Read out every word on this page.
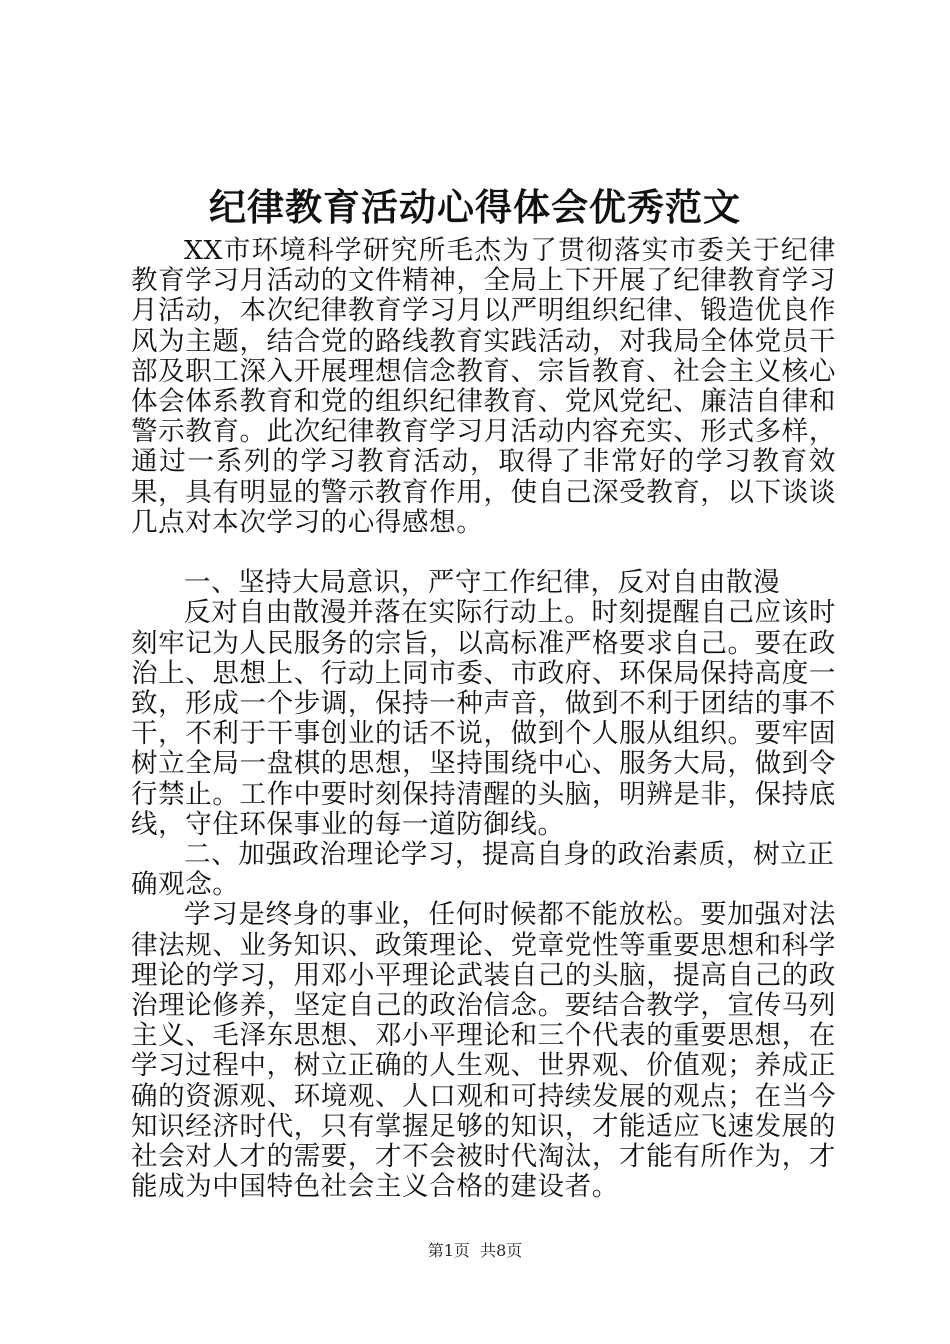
纪律教育活动心得体会优秀范文

XX市环境科学研究所毛杰为了贯彻落实市委关于纪律教育学习月活动的文件精神，全局上下开展了纪律教育学习月活动，本次纪律教育学习月以严明组织纪律、锻造优良作风为主题，结合党的路线教育实践活动，对我局全体党员干部及职工深入开展理想信念教育、宗旨教育、社会主义核心体会体系教育和党的组织纪律教育、党风党纪、廉洁自律和警示教育。此次纪律教育学习月活动内容充实、形式多样，通过一系列的学习教育活动，取得了非常好的学习教育效果，具有明显的警示教育作用，使自己深受教育，以下谈谈几点对本次学习的心得感想。

一、坚持大局意识，严守工作纪律，反对自由散漫

反对自由散漫并落在实际行动上。时刻提醒自己应该时刻牢记为人民服务的宗旨，以高标准严格要求自己。要在政治上、思想上、行动上同市委、市政府、环保局保持高度一致，形成一个步调，保持一种声音，做到不利于团结的事不干，不利于干事创业的话不说，做到个人服从组织。要牢固树立全局一盘棋的思想，坚持围绕中心、服务大局，做到令行禁止。工作中要时刻保持清醒的头脑，明辨是非，保持底线，守住环保事业的每一道防御线。

二、加强政治理论学习，提高自身的政治素质，树立正确观念。

学习是终身的事业，任何时候都不能放松。要加强对法律法规、业务知识、政策理论、党章党性等重要思想和科学理论的学习，用邓小平理论武装自己的头脑，提高自己的政治理论修养，坚定自己的政治信念。要结合教学，宣传马列主义、毛泽东思想、邓小平理论和三个代表的重要思想，在学习过程中，树立正确的人生观、世界观、价值观；养成正确的资源观、环境观、人口观和可持续发展的观点；在当今知识经济时代，只有掌握足够的知识，才能适应飞速发展的社会对人才的需要，才不会被时代淘汰，才能有所作为，才能成为中国特色社会主义合格的建设者。

第1页  共8页
